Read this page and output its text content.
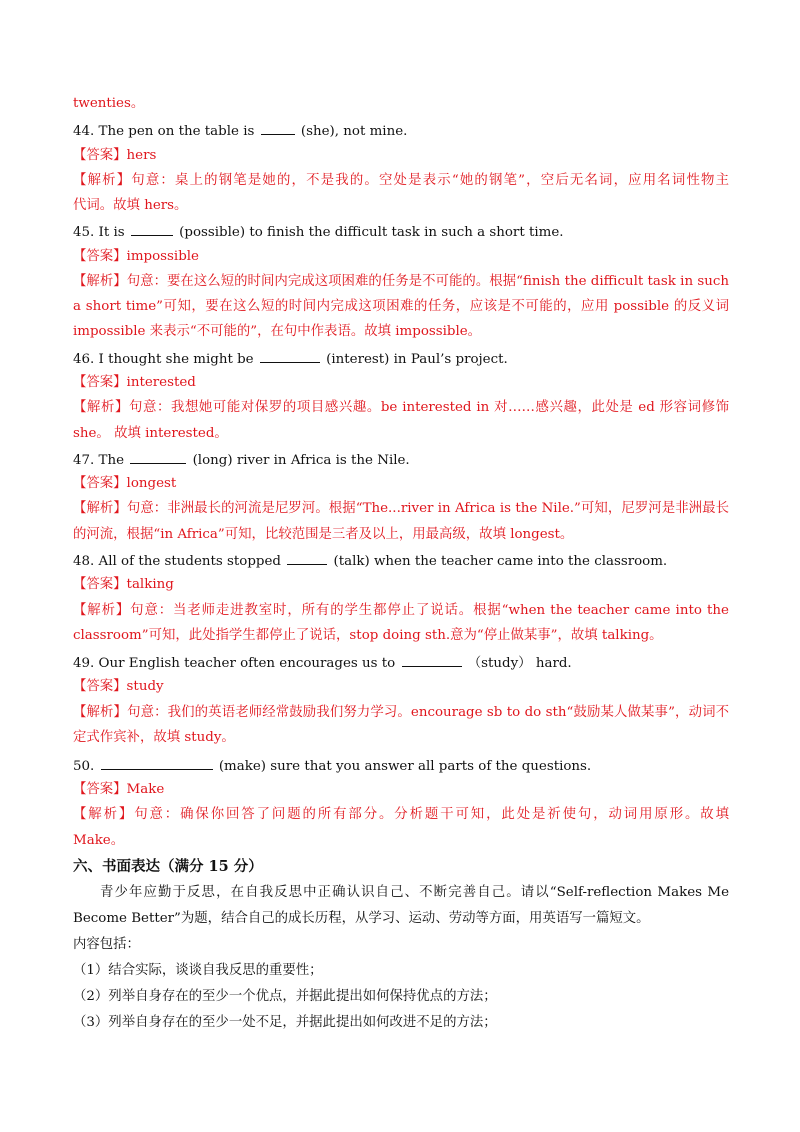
twenties。
44. The pen on the table is	(she), not mine.
【答案】hers
【解析】句意：桌上的钢笔是她的，不是我的。空处是表示“她的钢笔”，空后无名词，应用名词性物主
代词。故填 hers。
45. It is	(possible) to finish the difficult task in such a short time.
【答案】impossible
【解析】句意：要在这么短的时间内完成这项困难的任务是不可能的。根据“finish the difficult task in such
a short time”可知，要在这么短的时间内完成这项困难的任务，应该是不可能的，应用 possible 的反义词
impossible 来表示“不可能的”，在句中作表语。故填 impossible。
46. I thought she might be	(interest) in Paul’s project.
【答案】interested
【解析】句意：我想她可能对保罗的项目感兴趣。be interested in 对……感兴趣，此处是 ed 形容词修饰
she。 故填 interested。
47. The	(long) river in Africa is the Nile.
【答案】longest
【解析】句意：非洲最长的河流是尼罗河。根据“The...river in Africa is the Nile.”可知，尼罗河是非洲最长
的河流，根据“in Africa”可知，比较范围是三者及以上，用最高级，故填 longest。
48. All of the students stopped	(talk) when the teacher came into the classroom.
【答案】talking
【解析】句意：当老师走进教室时，所有的学生都停止了说话。根据“when the teacher came into the
classroom”可知，此处指学生都停止了说话，stop doing sth.意为“停止做某事”，故填 talking。
49. Our English teacher often encourages us to	（study） hard.
【答案】study
【解析】句意：我们的英语老师经常鼓励我们努力学习。encourage sb to do sth“鼓励某人做某事”，动词不
定式作宾补，故填 study。
50.	(make) sure that you answer all parts of the questions.
【答案】Make
【解析】句意：确保你回答了问题的所有部分。分析题干可知，此处是祈使句，动词用原形。故填
Make。
六、书面表达（满分 15 分）
青少年应勤于反思，在自我反思中正确认识自己、不断完善自己。请以“Self-reflection Makes Me
Become Better”为题，结合自己的成长历程，从学习、运动、劳动等方面，用英语写一篇短文。
内容包括：
（1）结合实际，谈谈自我反思的重要性；
（2）列举自身存在的至少一个优点，并据此提出如何保持优点的方法；
（3）列举自身存在的至少一处不足，并据此提出如何改进不足的方法；
